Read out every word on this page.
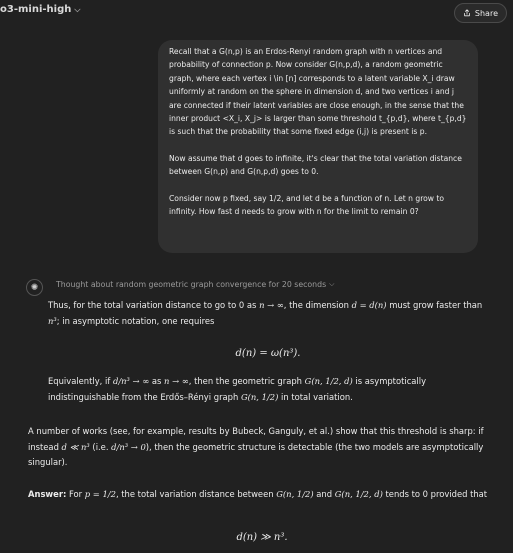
o3-mini-high ⌵	Share

Recall that a G(n,p) is an Erdos-Renyi random graph with n vertices and probability of connection p. Now consider G(n,p,d), a random geometric graph, where each vertex i \in [n] corresponds to a latent variable X_i draw uniformly at random on the sphere in dimension d, and two vertices i and j are connected if their latent variables are close enough, in the sense that the inner product <X_i, X_j> is larger than some threshold t_{p,d}, where t_{p,d} is such that the probability that some fixed edge (i,j) is present is p.

Now assume that d goes to infinite, it's clear that the total variation distance between G(n,p) and G(n,p,d) goes to 0.

Consider now p fixed, say 1/2, and let d be a function of n. Let n grow to infinity. How fast d needs to grow with n for the limit to remain 0?

✺	Thought about random geometric graph convergence for 20 seconds ⌵
Thus, for the total variation distance to go to 0 as n → ∞, the dimension d = d(n) must grow faster than n³; in asymptotic notation, one requires
d(n) = ω(n³).
Equivalently, if d/n³ → ∞ as n → ∞, then the geometric graph G(n, 1/2, d) is asymptotically indistinguishable from the Erdős–Rényi graph G(n, 1/2) in total variation.
A number of works (see, for example, results by Bubeck, Ganguly, et al.) show that this threshold is sharp: if instead d ≪ n³ (i.e. d/n³ → 0), then the geometric structure is detectable (the two models are asymptotically singular).
Answer: For p = 1/2, the total variation distance between G(n, 1/2) and G(n, 1/2, d) tends to 0 provided that
d(n) ≫ n³.
